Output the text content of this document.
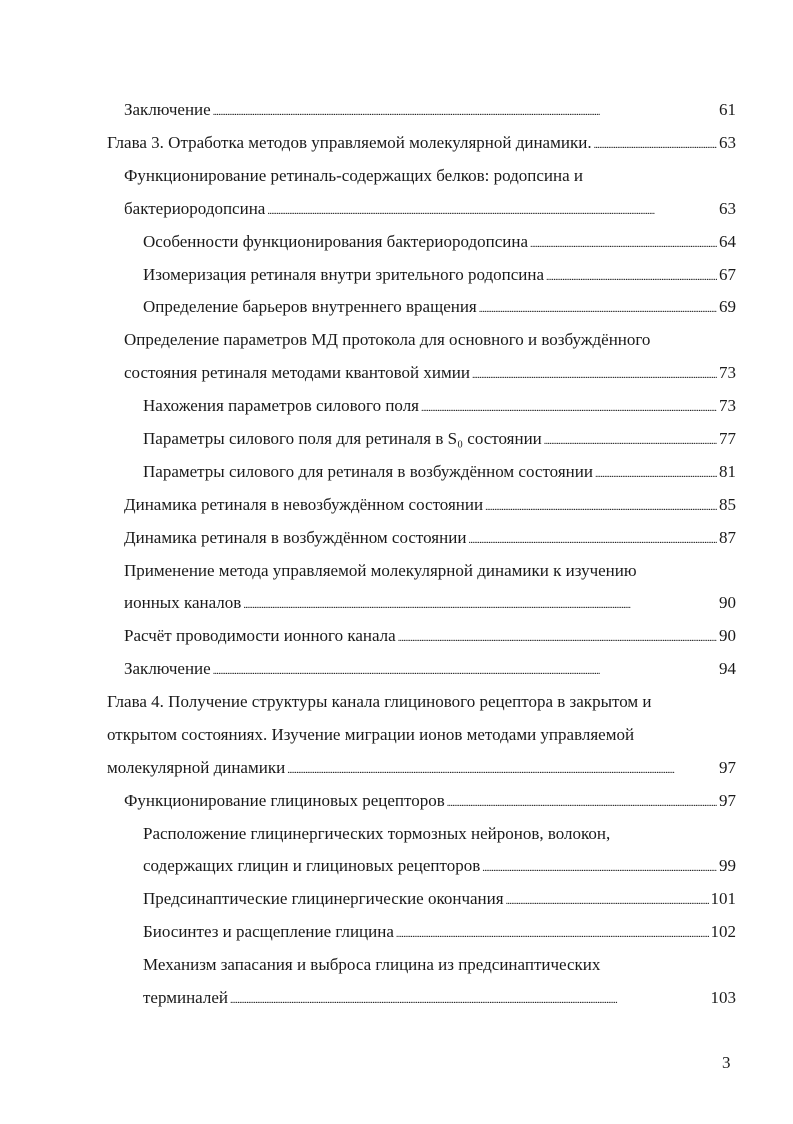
Заключение . . .	61
Глава 3. Отработка методов управляемой молекулярной динамики. . . .	63
Функционирование ретиналь-содержащих белков: родопсина и
бактериородопсина . . .	63
Особенности функционирования бактериородопсина . . .	64
Изомеризация ретиналя внутри зрительного родопсина . . .	67
Определение барьеров внутреннего вращения . . .	69
Определение параметров МД протокола для основного и возбуждённого
состояния ретиналя методами квантовой химии . . .	73
Нахожения параметров силового поля . . .	73
Параметры силового поля для ретиналя в S₀ состоянии . . .	77
Параметры силового для ретиналя в возбуждённом состоянии . . .	81
Динамика ретиналя в невозбуждённом состоянии . . .	85
Динамика ретиналя в возбуждённом состоянии . . .	87
Применение метода управляемой молекулярной динамики к изучению
ионных каналов . . .	90
Расчёт проводимости ионного канала . . .	90
Заключение . . .	94
Глава 4. Получение структуры канала глицинового рецептора в закрытом и
открытом состояниях. Изучение миграции ионов методами управляемой
молекулярной динамики . . .	97
Функционирование глициновых рецепторов . . .	97
Расположение глицинергических тормозных нейронов, волокон,
содержащих глицин и глициновых рецепторов . . .	99
Предсинаптические глицинергические окончания . . .	101
Биосинтез и расщепление глицина . . .	102
Механизм запасания и выброса глицина из предсинаптических
терминалей . . .	103
3
